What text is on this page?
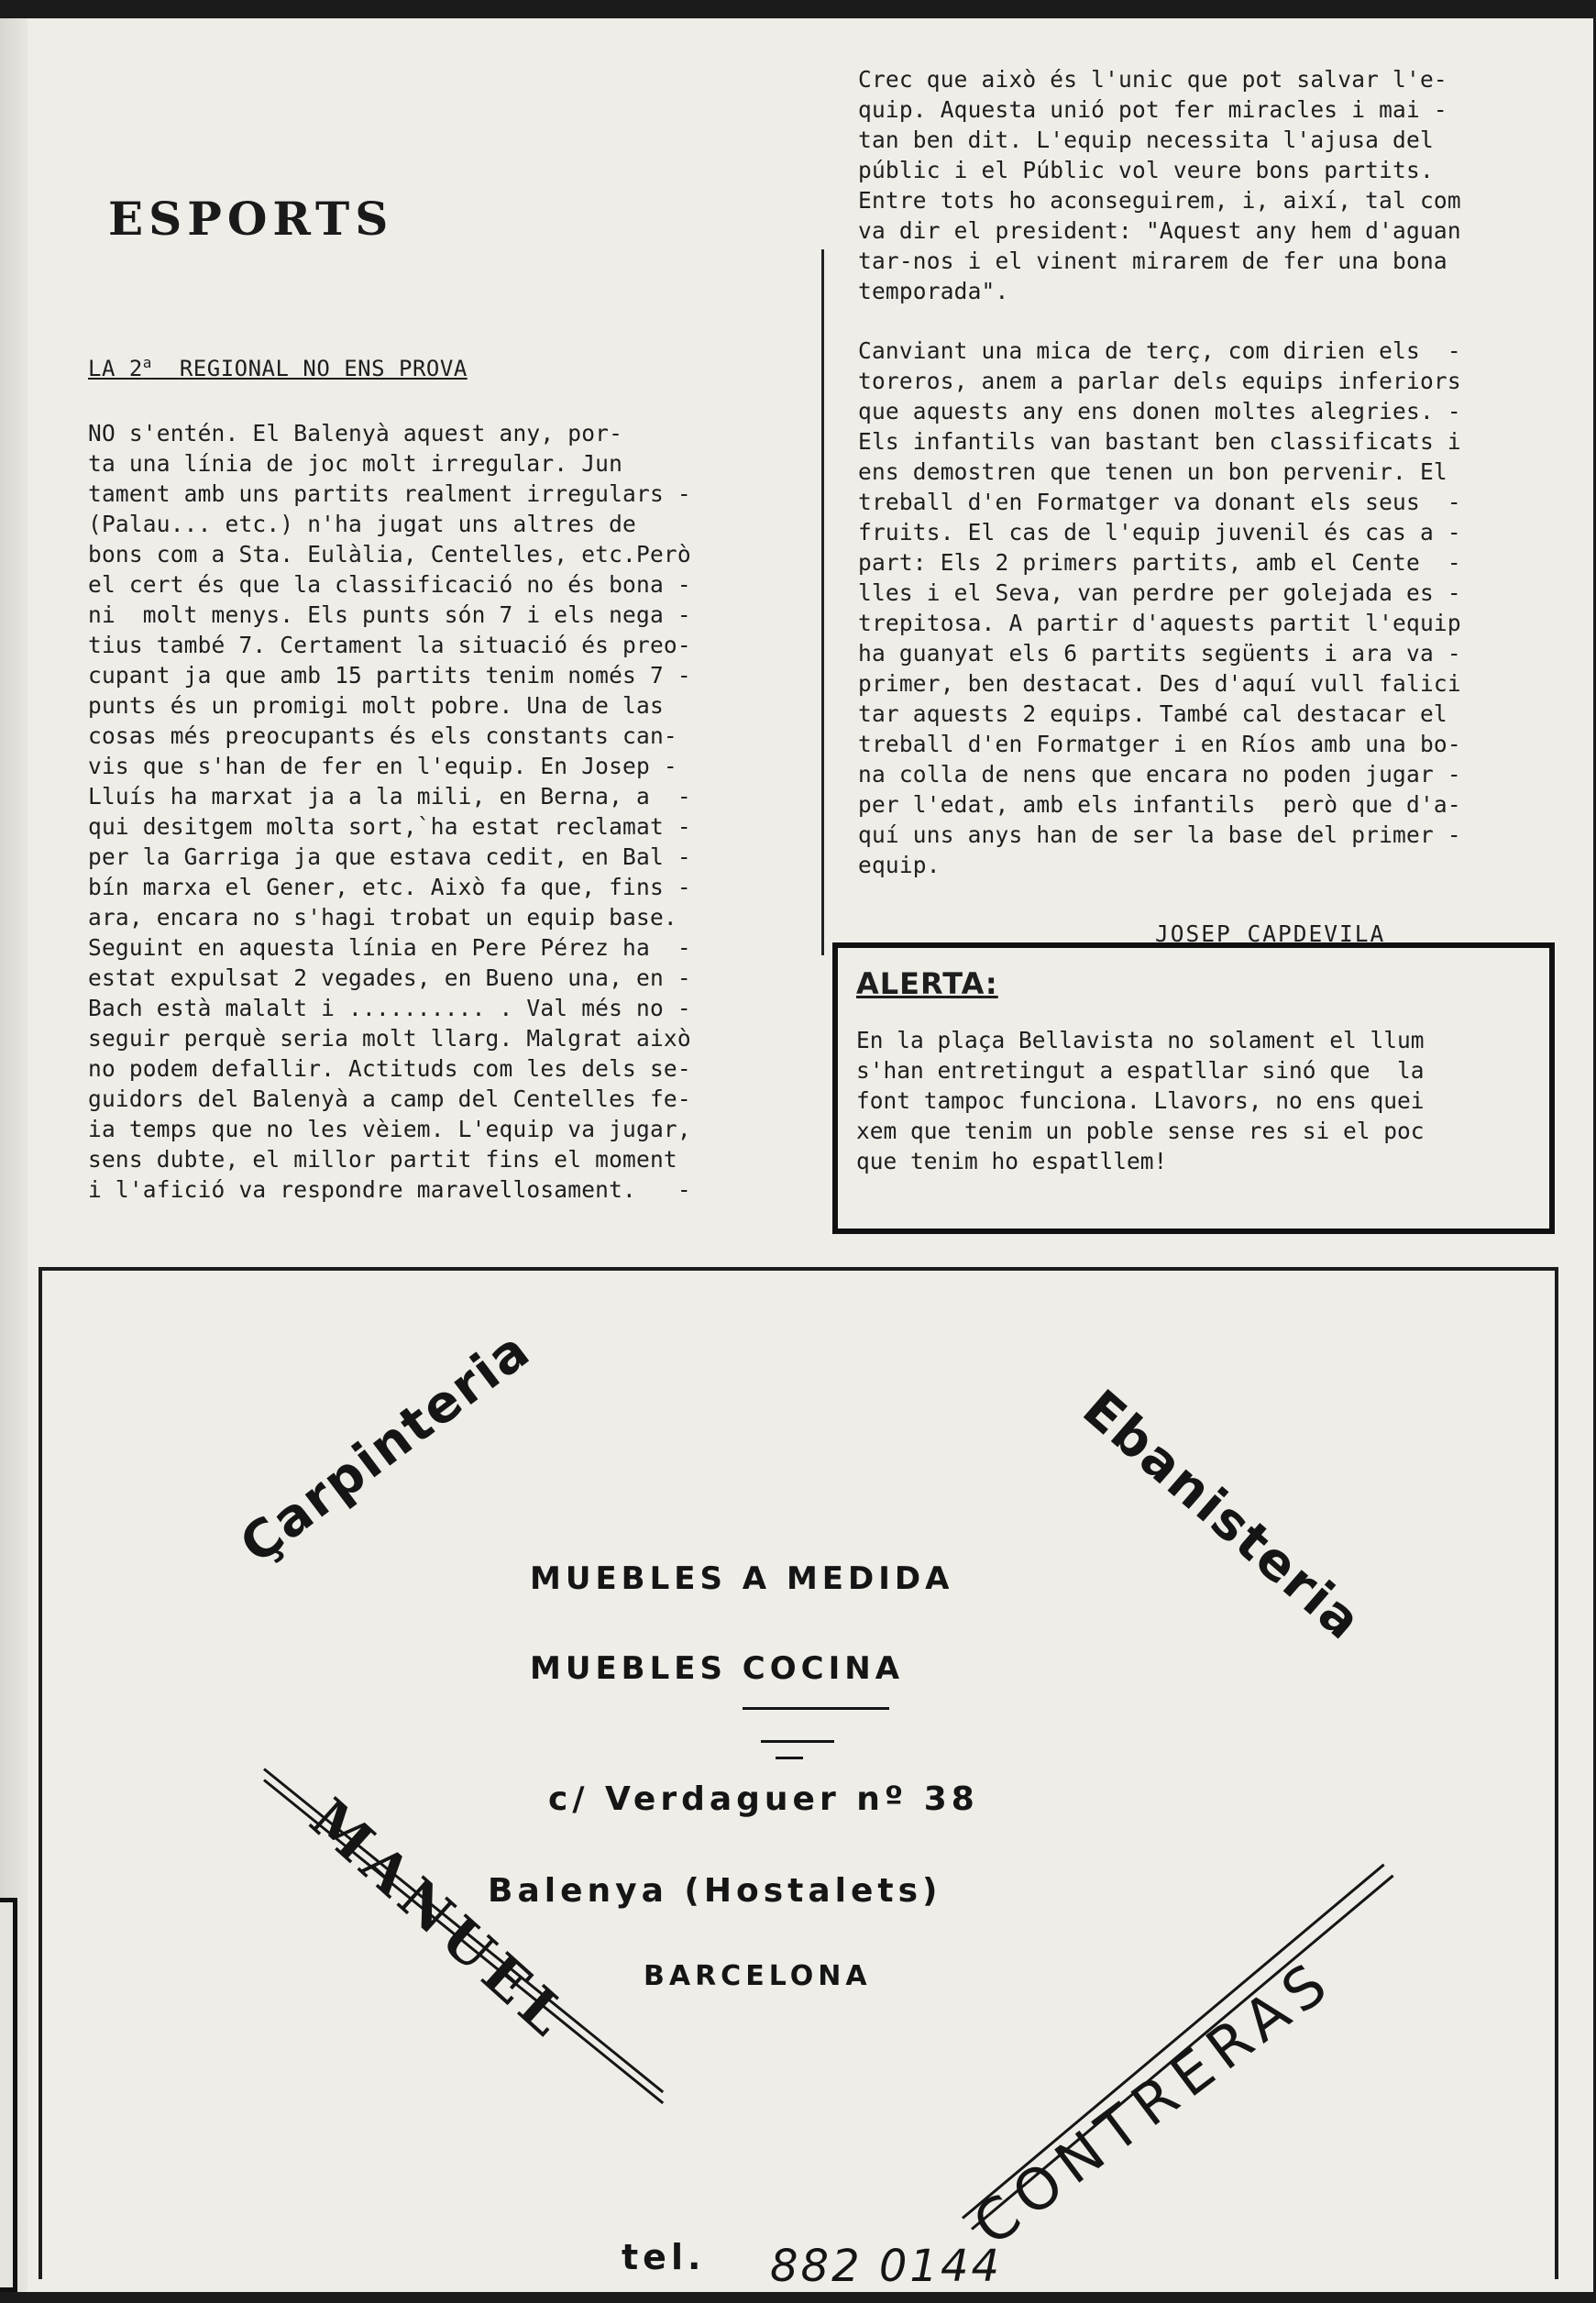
esports
LA 2$^a$ REGIONAL NO ENS PROVA
NO s'entén. El Balenyà aquest any, por-
ta una línia de joc molt irregular. Jun
tament amb uns partits realment irregulars -
(Palau... etc.) n'ha jugat uns altres de
bons com a Sta. Eulàlia, Centelles, etc.Però
el cert és que la classificació no és bona -
ni  molt menys. Els punts són 7 i els nega -
tius també 7. Certament la situació és preo-
cupant ja que amb 15 partits tenim només 7 -
punts és un promigi molt pobre. Una de las
cosas més preocupants és els constants can-
vis que s'han de fer en l'equip. En Josep -
Lluís ha marxat ja a la mili, en Berna, a  -
qui desitgem molta sort,`ha estat reclamat -
per la Garriga ja que estava cedit, en Bal -
bín marxa el Gener, etc. Això fa que, fins -
ara, encara no s'hagi trobat un equip base.
Seguint en aquesta línia en Pere Pérez ha  -
estat expulsat 2 vegades, en Bueno una, en -
Bach està malalt i .......... . Val més no -
seguir perquè seria molt llarg. Malgrat això
no podem defallir. Actituds com les dels se-
guidors del Balenyà a camp del Centelles fe-
ia temps que no les vèiem. L'equip va jugar,
sens dubte, el millor partit fins el moment
i l'afició va respondre maravellosament.   -
Crec que això és l'unic que pot salvar l'e-
quip. Aquesta unió pot fer miracles i mai -
tan ben dit. L'equip necessita l'ajusa del
públic i el Públic vol veure bons partits.
Entre tots ho aconseguirem, i, així, tal com
va dir el president: "Aquest any hem d'aguan
tar-nos i el vinent mirarem de fer una bona
temporada".
Canviant una mica de terç, com dirien els  -
toreros, anem a parlar dels equips inferiors
que aquests any ens donen moltes alegries. -
Els infantils van bastant ben classificats i
ens demostren que tenen un bon pervenir. El
treball d'en Formatger va donant els seus  -
fruits. El cas de l'equip juvenil és cas a -
part: Els 2 primers partits, amb el Cente  -
lles i el Seva, van perdre per golejada es -
trepitosa. A partir d'aquests partit l'equip
ha guanyat els 6 partits següents i ara va -
primer, ben destacat. Des d'aquí vull falici
tar aquests 2 equips. També cal destacar el
treball d'en Formatger i en Ríos amb una bo-
na colla de nens que encara no poden jugar -
per l'edat, amb els infantils  però que d'a-
quí uns anys han de ser la base del primer -
equip.

JOSEP CAPDEVILA

ALERTA:

En la plaça Bellavista no solament el llum
s'han entretingut a espatllar sinó que  la
font tampoc funciona. Llavors, no ens quei
xem que tenim un poble sense res si el poc
que tenim ho espatllem!

Çarpinteria	Ebanisteria

MUEBLES A MEDIDA

MUEBLES COCINA

c/ Verdaguer nº 38

Balenya (Hostalets)

BARCELONA

MANUEL

CONTRERAS

tel. 882 0144
